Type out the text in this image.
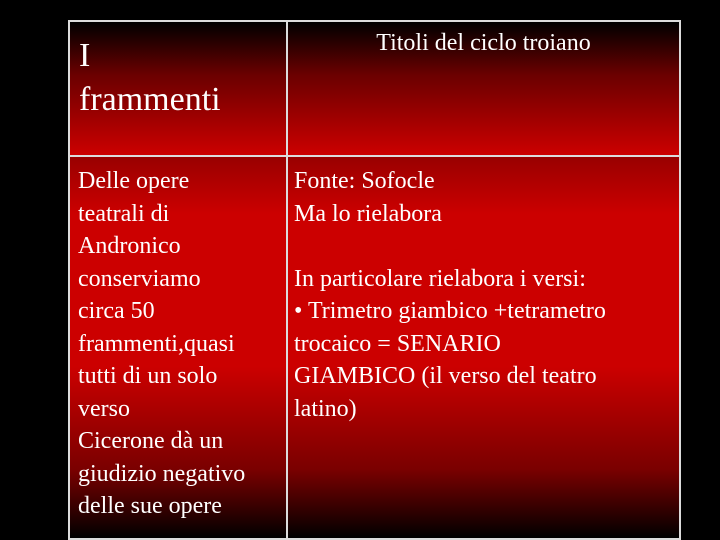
I
frammenti
Titoli del ciclo troiano

Delle opere

teatrali di

Andronico

conserviamo

circa 50

frammenti,quasi

tutti di un solo

verso

Cicerone dà un

giudizio negativo

delle sue opere

Fonte: Sofocle

Ma lo rielabora

In particolare rielabora i versi:

• Trimetro giambico +tetrametro

trocaico = SENARIO

GIAMBICO (il verso del teatro

latino)
